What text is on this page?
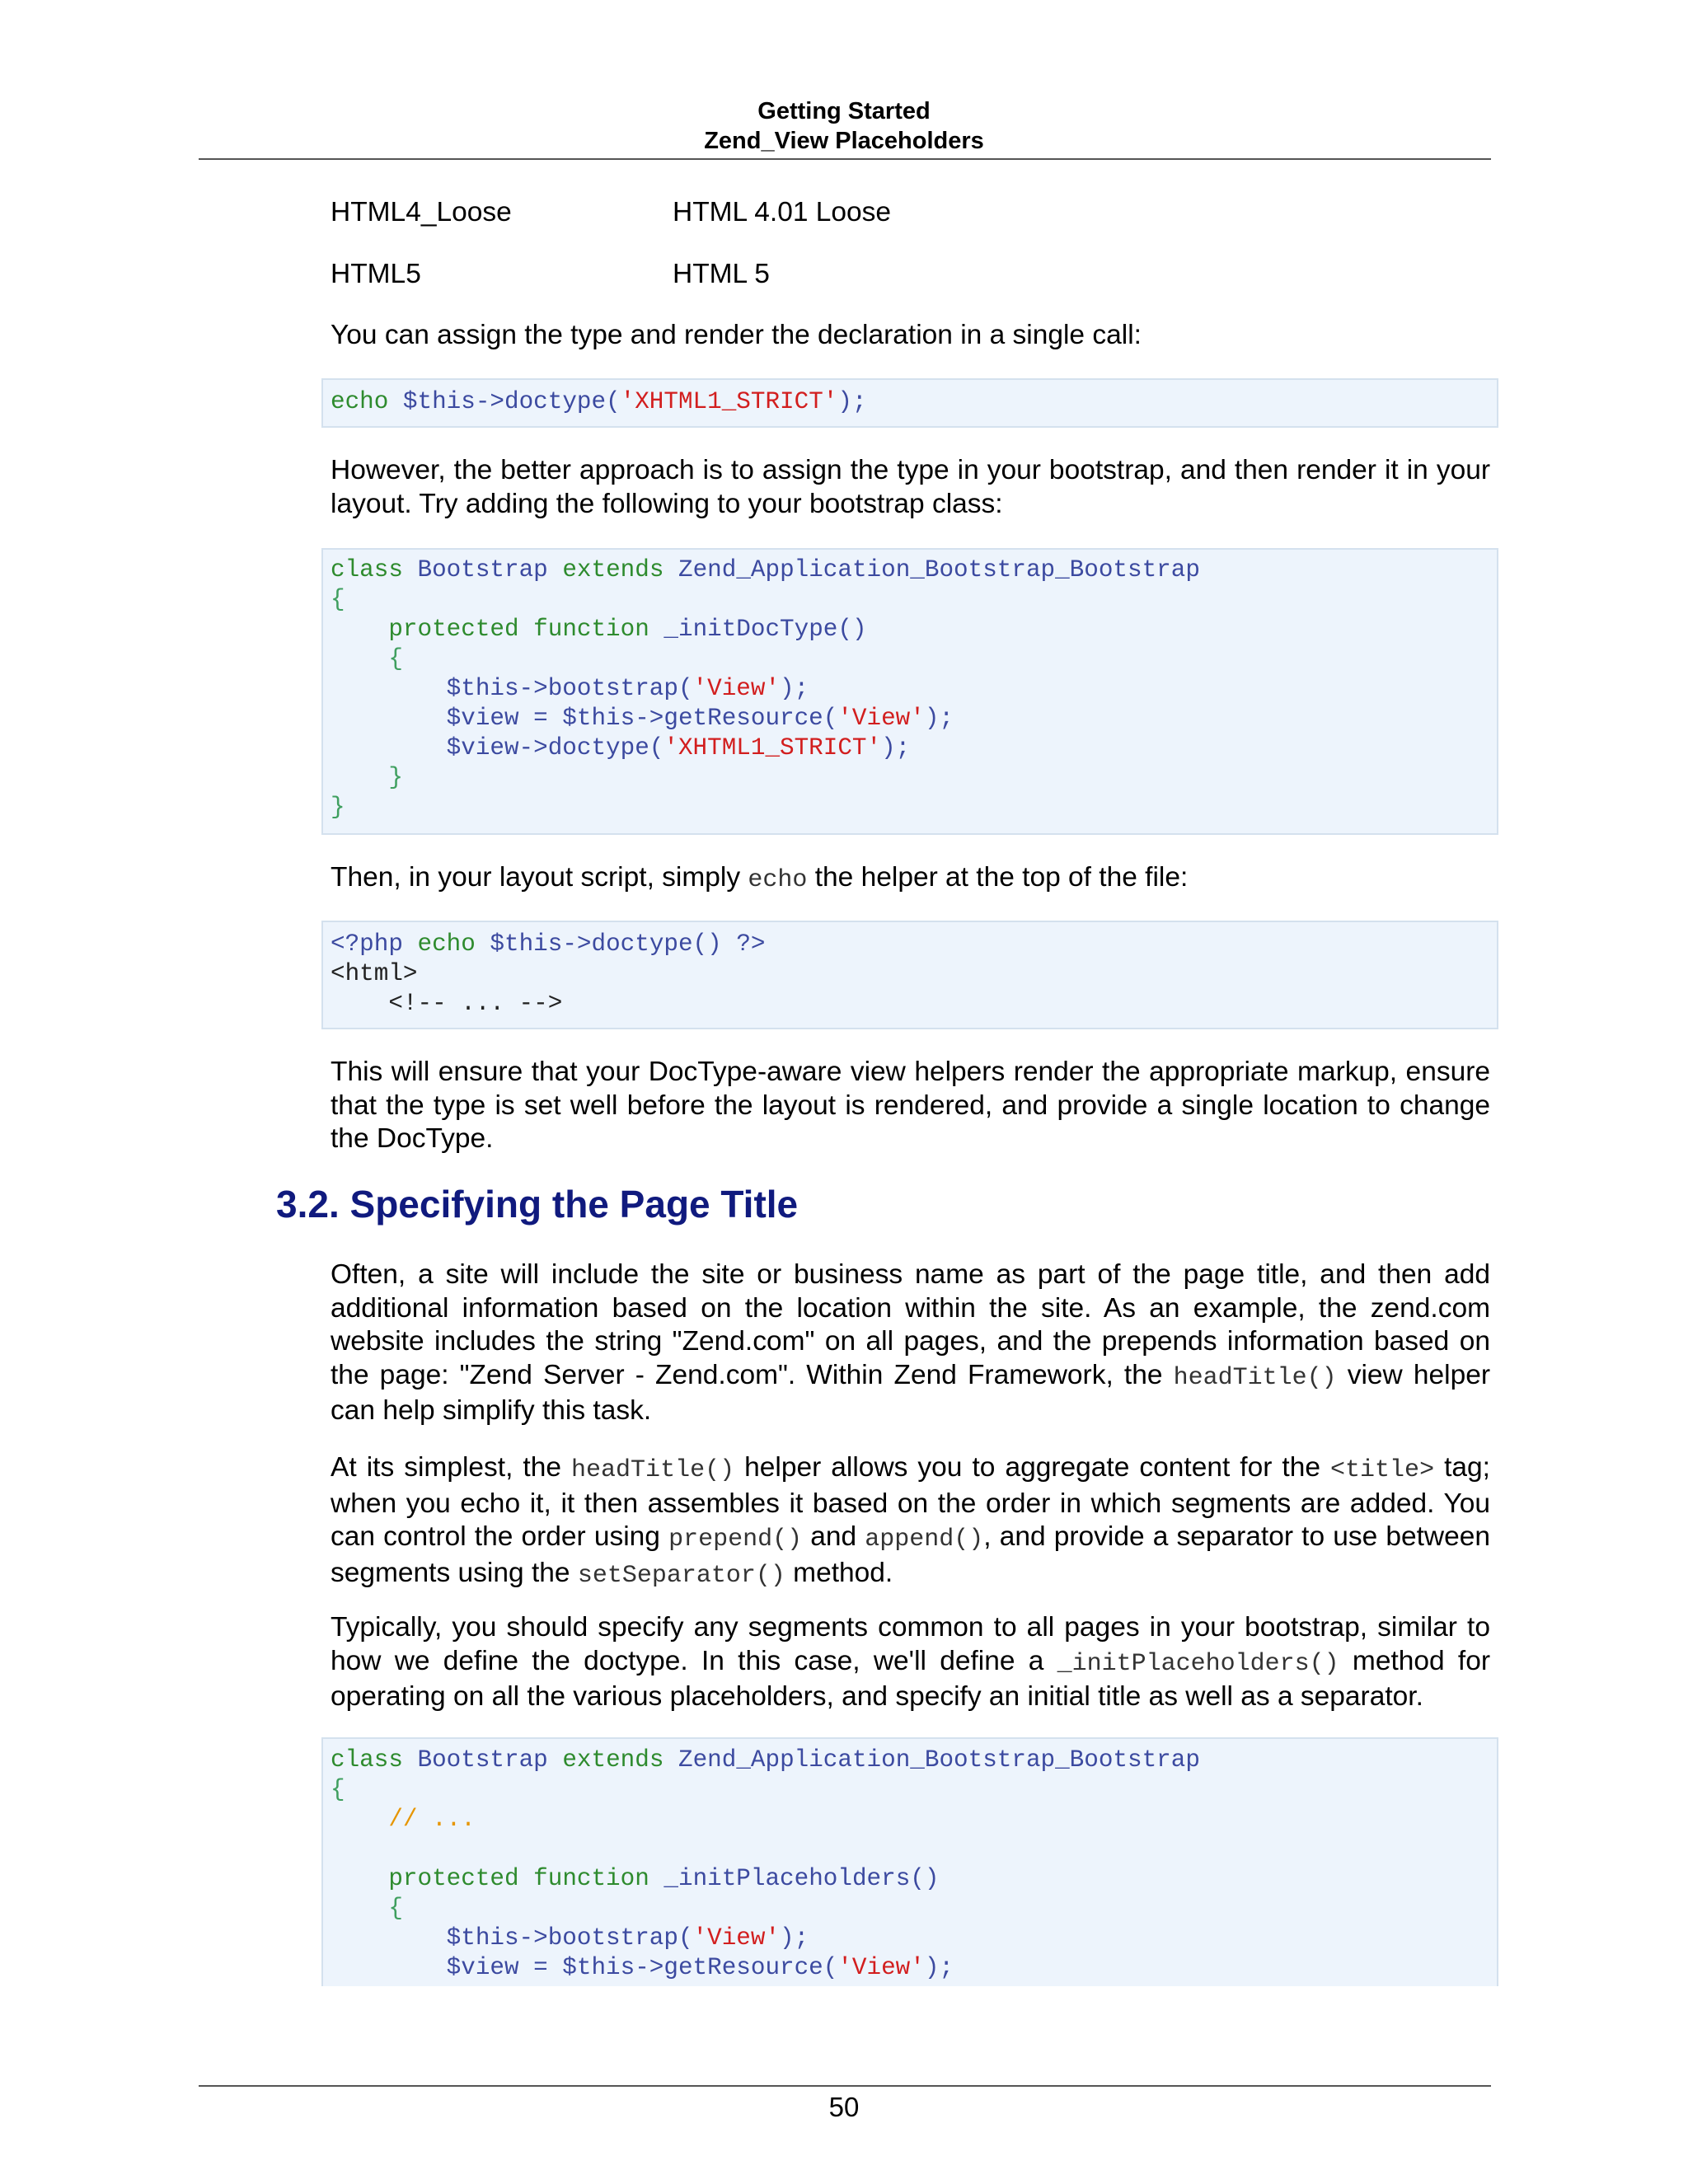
Getting Started
Zend_View Placeholders
HTML4_Loose	HTML 4.01 Loose
HTML5	HTML 5

You can assign the type and render the declaration in a single call:

echo $this->doctype('XHTML1_STRICT');

However, the better approach is to assign the type in your bootstrap, and then render it in your layout. Try adding the following to your bootstrap class:

class Bootstrap extends Zend_Application_Bootstrap_Bootstrap
{
protected function _initDocType()
{
$this->bootstrap('View');
$view = $this->getResource('View');
$view->doctype('XHTML1_STRICT');
}
}

Then, in your layout script, simply echo the helper at the top of the file:

<?php echo $this->doctype() ?>
<html>
<!-- ... -->

This will ensure that your DocType-aware view helpers render the appropriate markup, ensure that the type is set well before the layout is rendered, and provide a single location to change the DocType.

3.2. Specifying the Page Title

Often, a site will include the site or business name as part of the page title, and then add additional information based on the location within the site. As an example, the zend.com website includes the string "Zend.com" on all pages, and the prepends information based on the page: "Zend Server - Zend.com". Within Zend Framework, the headTitle() view helper can help simplify this task.

At its simplest, the headTitle() helper allows you to aggregate content for the <title> tag; when you echo it, it then assembles it based on the order in which segments are added. You can control the order using prepend() and append(), and provide a separator to use between segments using the setSeparator() method.

Typically, you should specify any segments common to all pages in your bootstrap, similar to how we define the doctype. In this case, we'll define a _initPlaceholders() method for operating on all the various placeholders, and specify an initial title as well as a separator.

class Bootstrap extends Zend_Application_Bootstrap_Bootstrap
{
// ...

protected function _initPlaceholders()
{
$this->bootstrap('View');
$view = $this->getResource('View');
50
